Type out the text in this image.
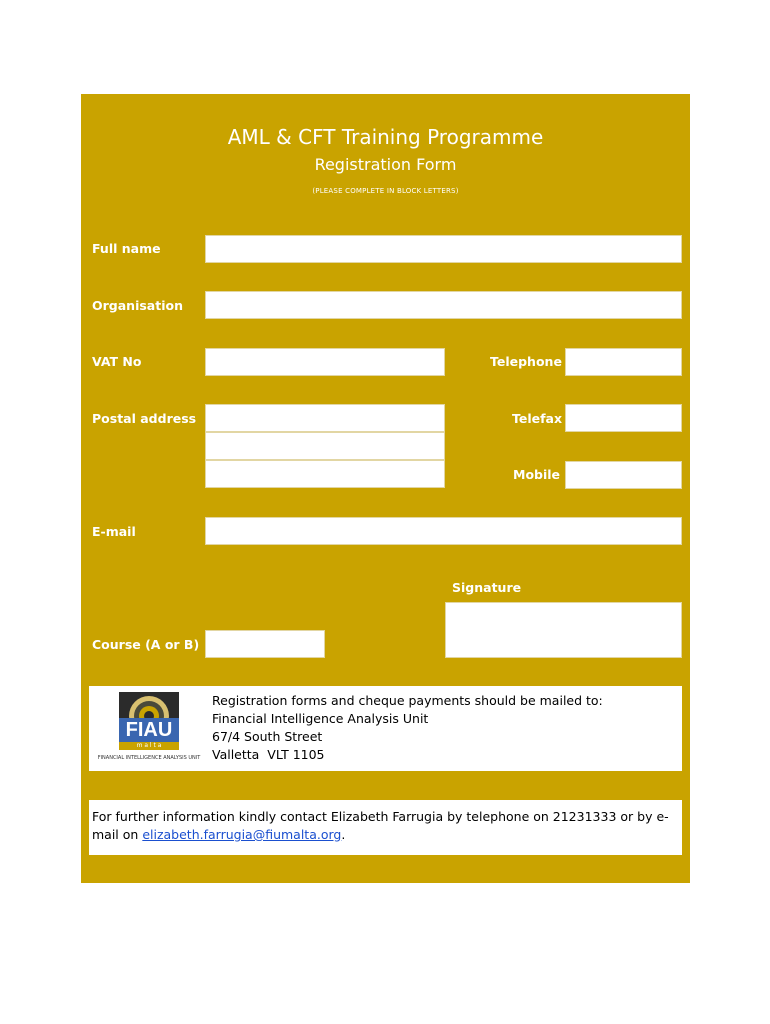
AML & CFT Training Programme
Registration Form
(PLEASE COMPLETE IN BLOCK LETTERS)
Full name
Organisation
VAT No	Telephone
Postal address	Telefax
Mobile
E-mail
Signature
Course (A or B)
FIAU
m a l t a
FINANCIAL INTELLIGENCE ANALYSIS UNIT
Registration forms and cheque payments should be mailed to:
Financial Intelligence Analysis Unit
67/4 South Street
Valletta  VLT 1105
For further information kindly contact Elizabeth Farrugia by telephone on 21231333 or by e-mail on elizabeth.farrugia@fiumalta.org.
